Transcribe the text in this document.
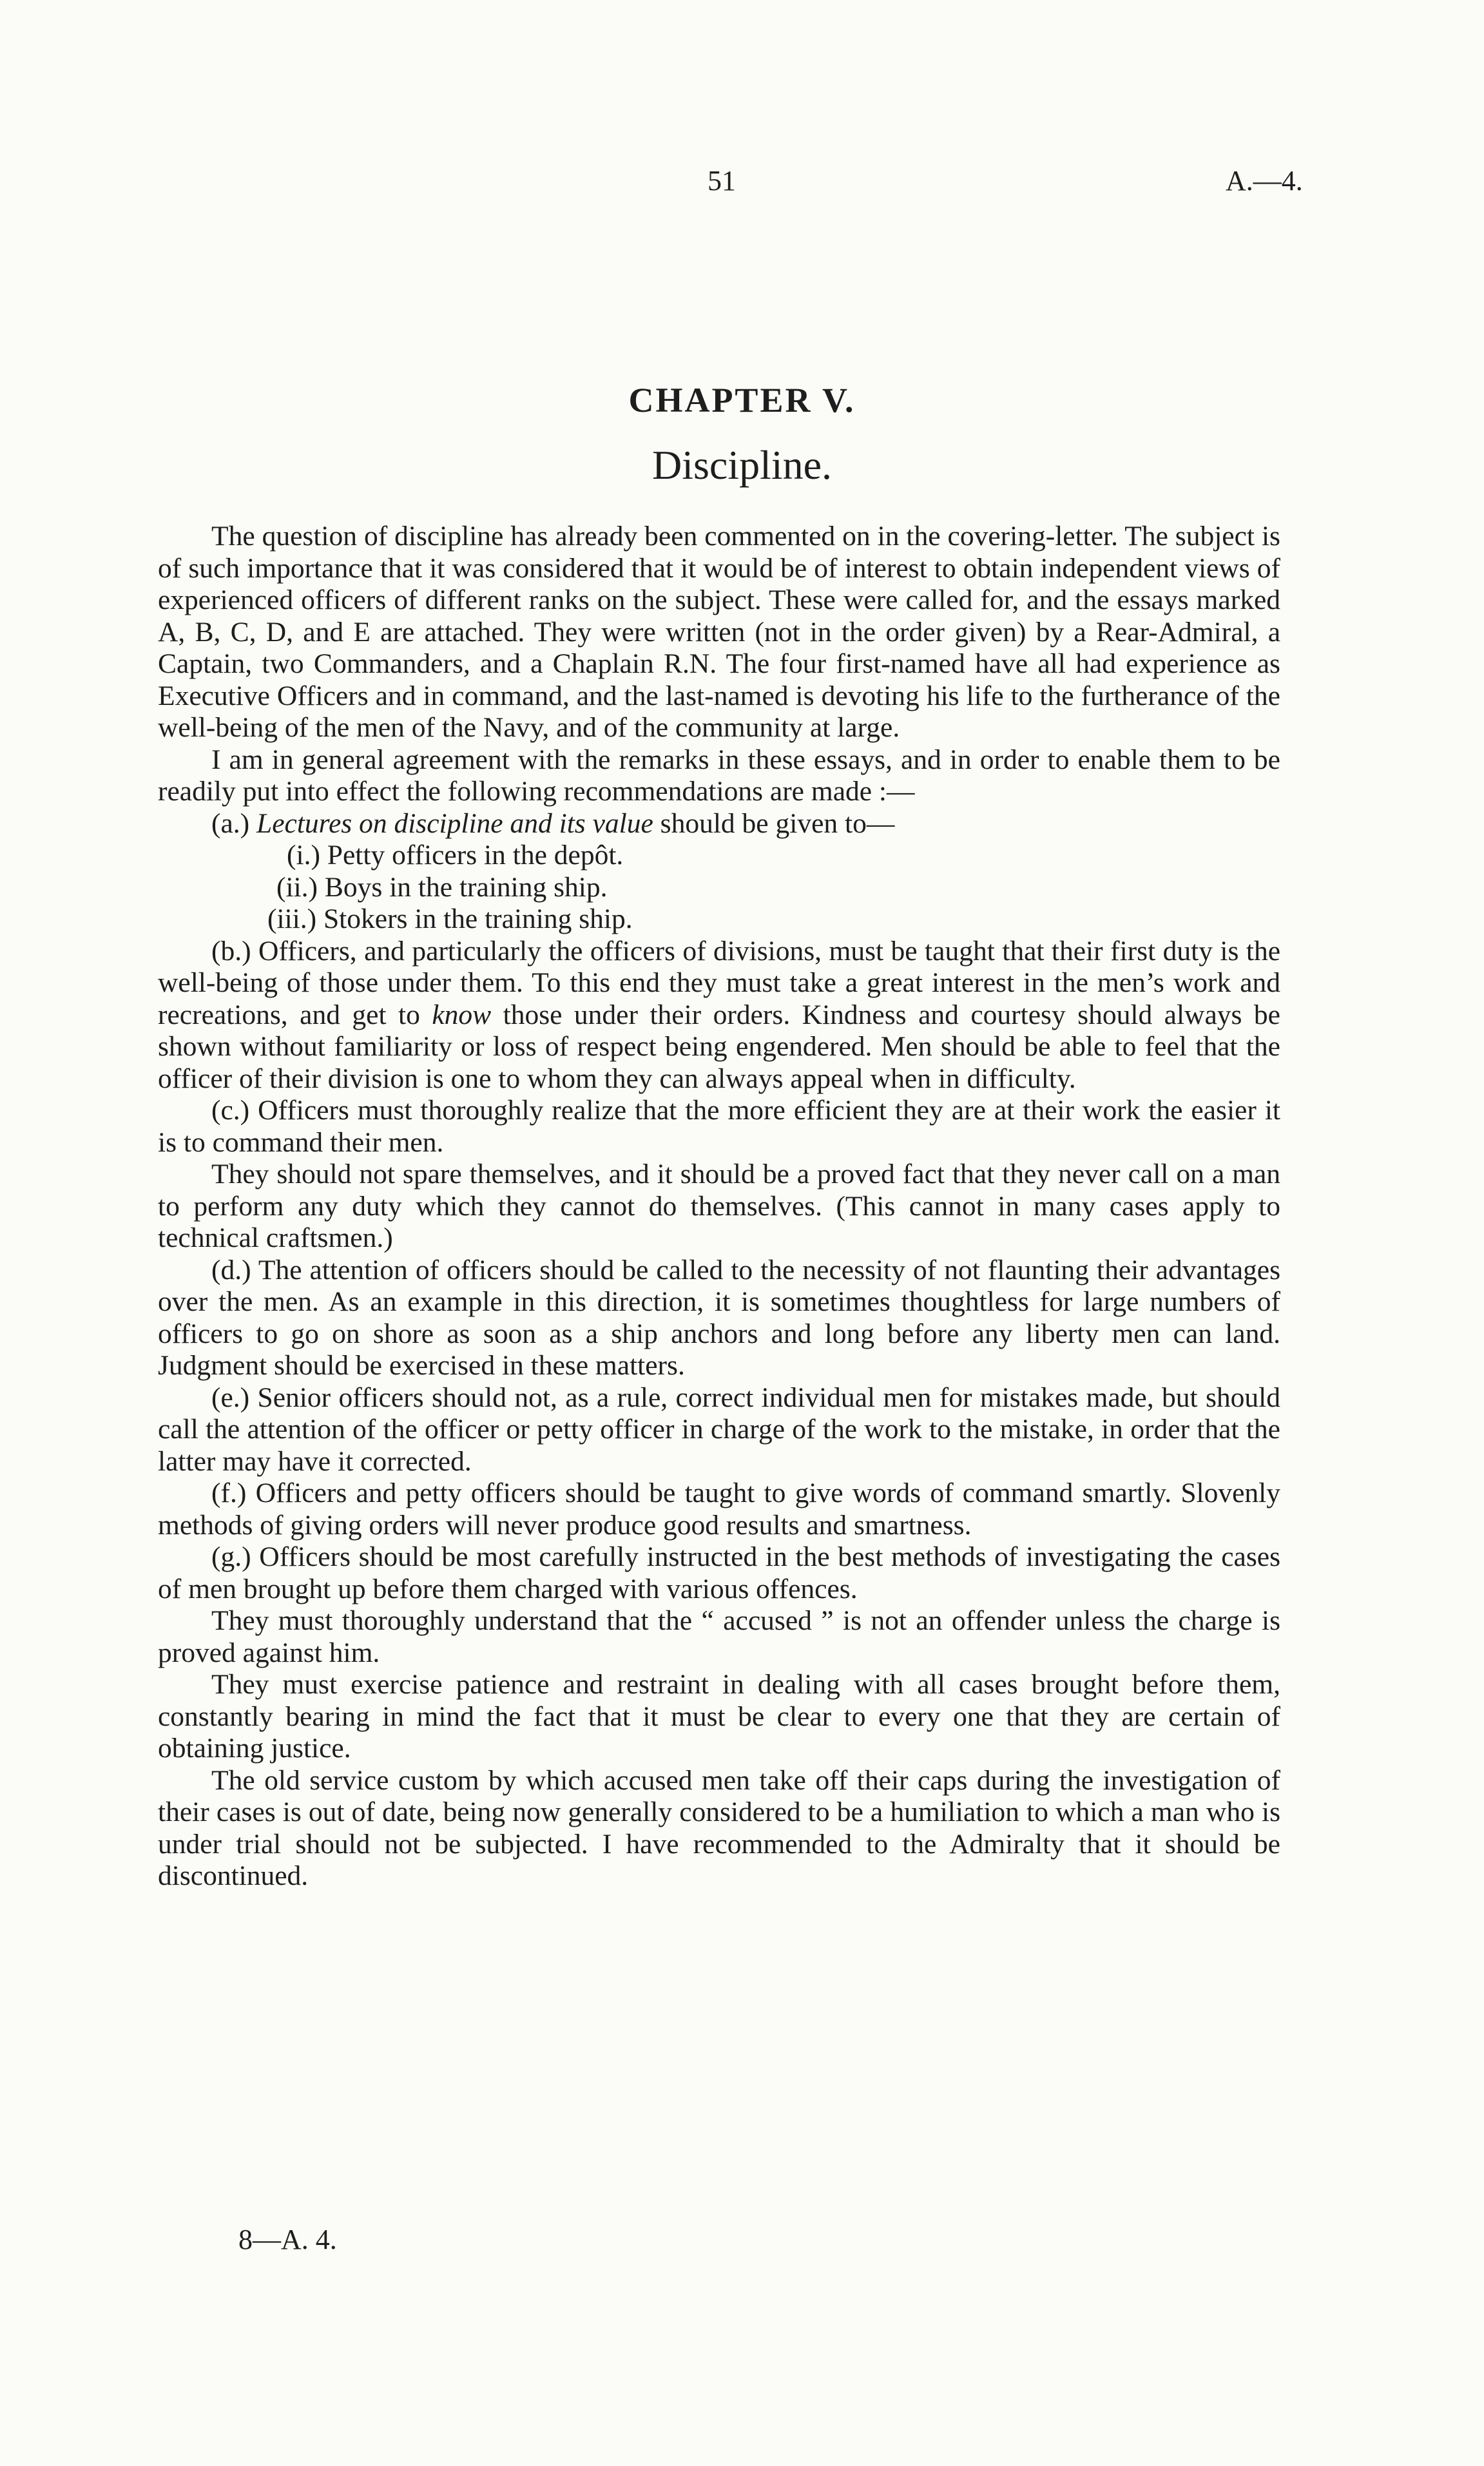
51	A.—4.
CHAPTER V.
Discipline.

The question of discipline has already been commented on in the covering-letter. The subject is of such importance that it was considered that it would be of interest to obtain independent views of experienced officers of different ranks on the subject. These were called for, and the essays marked A, B, C, D, and E are attached. They were written (not in the order given) by a Rear-Admiral, a Captain, two Commanders, and a Chaplain R.N. The four first-named have all had experience as Executive Officers and in command, and the last-named is devoting his life to the furtherance of the well-being of the men of the Navy, and of the community at large.

I am in general agreement with the remarks in these essays, and in order to enable them to be readily put into effect the following recommendations are made :—

(a.) Lectures on discipline and its value should be given to—

(i.) Petty officers in the depôt.

(ii.) Boys in the training ship.

(iii.) Stokers in the training ship.

(b.) Officers, and particularly the officers of divisions, must be taught that their first duty is the well-being of those under them. To this end they must take a great interest in the men’s work and recreations, and get to know those under their orders. Kindness and courtesy should always be shown without familiarity or loss of respect being engendered. Men should be able to feel that the officer of their division is one to whom they can always appeal when in difficulty.

(c.) Officers must thoroughly realize that the more efficient they are at their work the easier it is to command their men.

They should not spare themselves, and it should be a proved fact that they never call on a man to perform any duty which they cannot do themselves. (This cannot in many cases apply to technical craftsmen.)

(d.) The attention of officers should be called to the necessity of not flaunting their advantages over the men. As an example in this direction, it is sometimes thoughtless for large numbers of officers to go on shore as soon as a ship anchors and long before any liberty men can land. Judgment should be exercised in these matters.

(e.) Senior officers should not, as a rule, correct individual men for mistakes made, but should call the attention of the officer or petty officer in charge of the work to the mistake, in order that the latter may have it corrected.

(f.) Officers and petty officers should be taught to give words of command smartly. Slovenly methods of giving orders will never produce good results and smartness.

(g.) Officers should be most carefully instructed in the best methods of investigating the cases of men brought up before them charged with various offences.

They must thoroughly understand that the “ accused ” is not an offender unless the charge is proved against him.

They must exercise patience and restraint in dealing with all cases brought before them, constantly bearing in mind the fact that it must be clear to every one that they are certain of obtaining justice.

The old service custom by which accused men take off their caps during the investigation of their cases is out of date, being now generally considered to be a humiliation to which a man who is under trial should not be subjected. I have recommended to the Admiralty that it should be discontinued.

8—A. 4.
